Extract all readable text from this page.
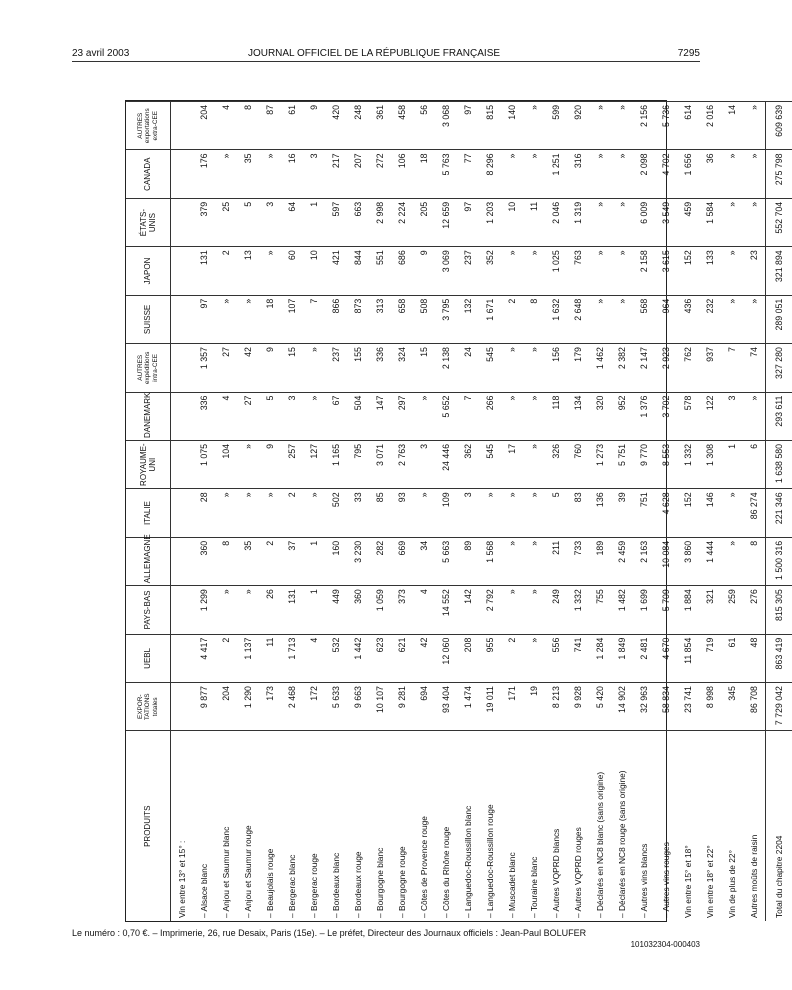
23 avril 2003	JOURNAL OFFICIEL DE LA RÉPUBLIQUE FRANÇAISE	7295
PRODUITS	EXPOR-TATIONS totales	UEBL	PAYS-BAS	ALLEMAGNE	ITALIE	ROYAUME-UNI	DANEMARK	AUTRES expéditions intra-CEE	SUISSE	JAPON	ÉTATS-UNIS	CANADA	AUTRES exportations extra-CEE
Vin entre 13° et 15° :													
– Alsace blanc	9 877	4 417	1 299	360	28	1 075	336	1 357	97	131	379	176	204
– Anjou et Saumur blanc	204	2	»	8	»	104	4	27	»	2	25	»	4
– Anjou et Saumur rouge	1 290	1 137	»	35	»	»	27	42	»	13	5	35	8
– Beaujolais rouge	173	11	26	2	»	9	5	9	18	»	3	»	87
– Bergerac blanc	2 468	1 713	131	37	2	257	3	15	107	60	64	16	61
– Bergerac rouge	172	4	1	1	»	127	»	»	7	10	1	3	9
– Bordeaux blanc	5 633	532	449	160	502	1 165	67	237	866	421	597	217	420
– Bordeaux rouge	9 663	1 442	360	3 230	33	795	504	155	873	844	663	207	248
– Bourgogne blanc	10 107	623	1 059	282	85	3 071	147	336	313	551	2 998	272	361
– Bourgogne rouge	9 281	621	373	669	93	2 763	297	324	658	686	2 224	106	458
– Côtes de Provence rouge	694	42	4	34	»	3	»	15	508	9	205	18	56
– Côtes du Rhône rouge	93 404	12 060	14 552	5 663	109	24 446	5 652	2 138	3 795	3 069	12 659	5 763	3 068
– Languedoc-Roussillon blanc	1 474	208	142	89	3	362	7	24	132	237	97	77	97
– Languedoc-Roussillon rouge	19 011	955	2 792	1 568	»	545	266	545	1 671	352	1 203	8 296	815
– Muscadet blanc	171	2	»	»	»	17	»	»	2	»	10	»	140
– Touraine blanc	19	»	»	»	»	»	»	»	8	»	11	»	»
– Autres VQPRD blancs	8 213	556	249	211	5	326	118	156	1 632	1 025	2 046	1 251	599
– Autres VQPRD rouges	9 928	741	1 332	733	83	760	134	179	2 648	763	1 319	316	920
– Déclarés en NC8 blanc (sans origine)	5 420	1 284	755	189	136	1 273	320	1 462	»	»	»	»	»
– Déclarés en NC8 rouge (sans origine)	14 902	1 849	1 482	2 459	39	5 751	952	2 382	»	»	»	»	»
– Autres vins blancs	32 963	2 481	1 699	2 163	751	9 770	1 376	2 147	568	2 158	6 009	2 098	2 156
– Autres vins rouges	58 834	4 670	5 709	10 084	4 628	8 553	3 702	2 923	964	3 615	3 549	4 702	5 736
Vin entre 15° et 18°	23 741	11 854	1 884	3 860	152	1 332	578	762	436	152	459	1 656	614
Vin entre 18° et 22°	8 998	719	321	1 444	146	1 308	122	937	232	133	1 584	36	2 016
Vin de plus de 22°	345	61	259	»	»	1	3	7	»	»	»	»	14
Autres moûts de raisin	86 708	48	276	8	86 274	6	»	74	»	23	»	»	»
Total du chapitre 2204	7 729 042	863 419	815 305	1 500 316	221 346	1 638 580	293 611	327 280	289 051	321 894	552 704	275 798	609 639
Le numéro : 0,70 €. – Imprimerie, 26, rue Desaix, Paris (15e). – Le préfet, Directeur des Journaux officiels : Jean-Paul BOLUFER
101032304-000403
